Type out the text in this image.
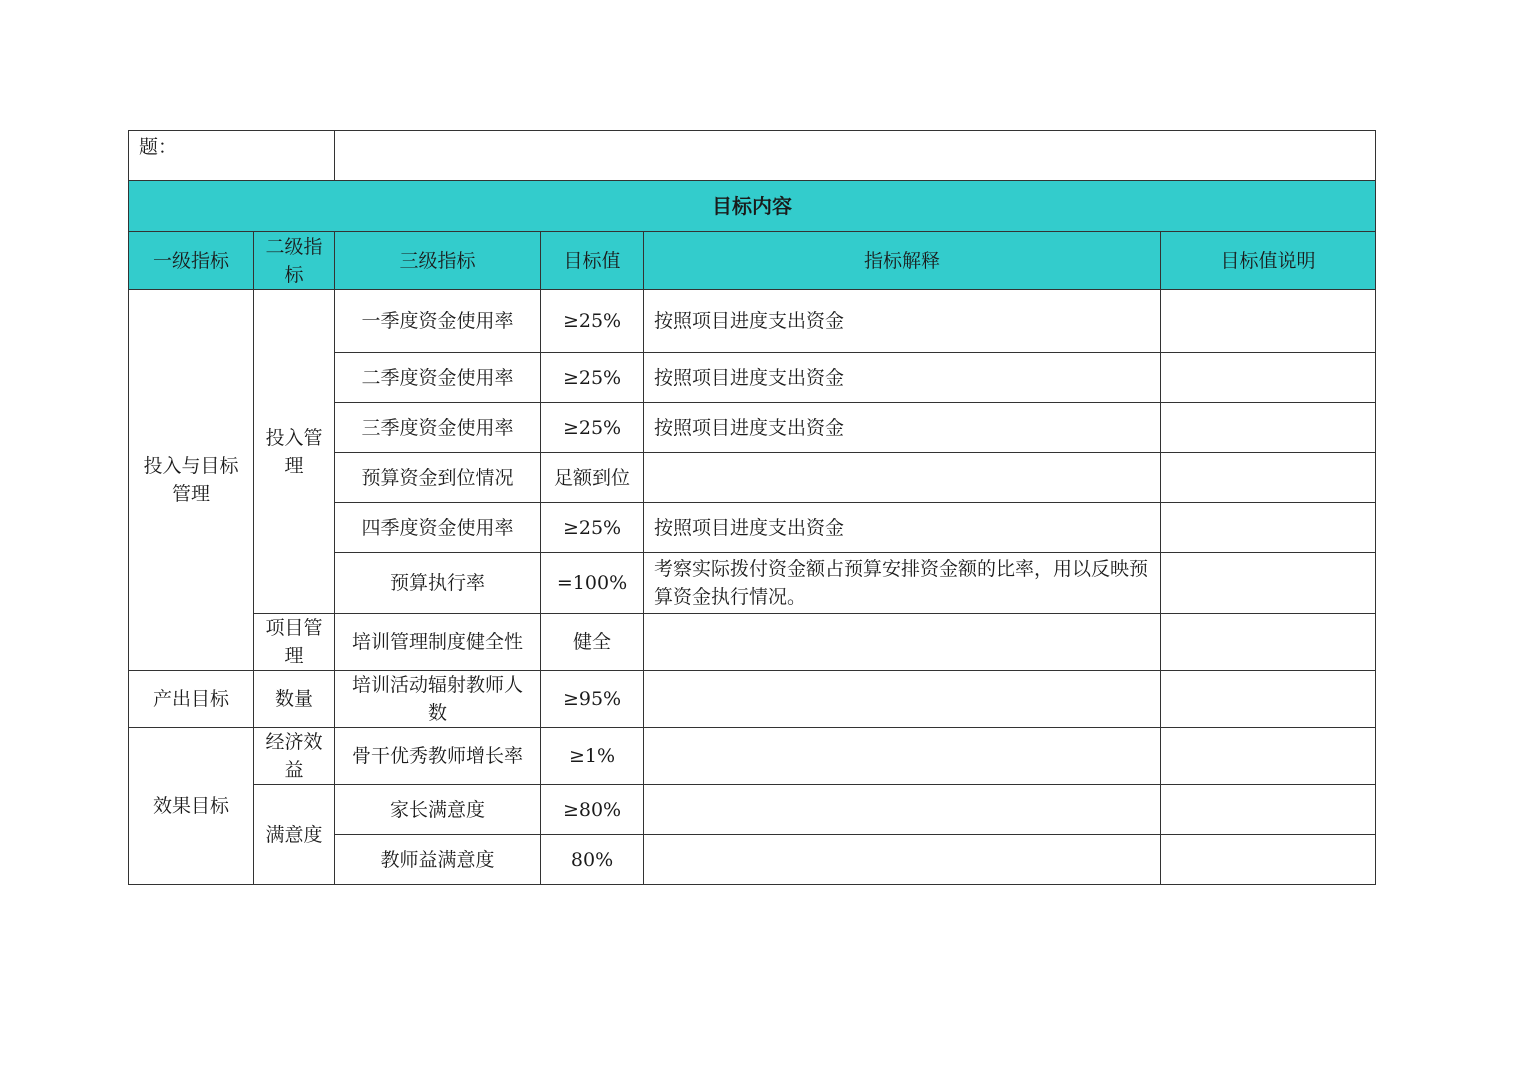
题：					
目标内容					
一级指标	二级指标	三级指标	目标值	指标解释	目标值说明
投入与目标管理	投入管理	一季度资金使用率	≥25%	按照项目进度支出资金	
		二季度资金使用率	≥25%	按照项目进度支出资金	
		三季度资金使用率	≥25%	按照项目进度支出资金	
		预算资金到位情况	足额到位		
		四季度资金使用率	≥25%	按照项目进度支出资金	
		预算执行率	=100%	考察实际拨付资金额占预算安排资金额的比率，用以反映预算资金执行情况。	
	项目管理	培训管理制度健全性	健全		
产出目标	数量	培训活动辐射教师人数	≥95%		
效果目标	经济效益	骨干优秀教师增长率	≥1%		
	满意度	家长满意度	≥80%		
		教师益满意度	80%		
